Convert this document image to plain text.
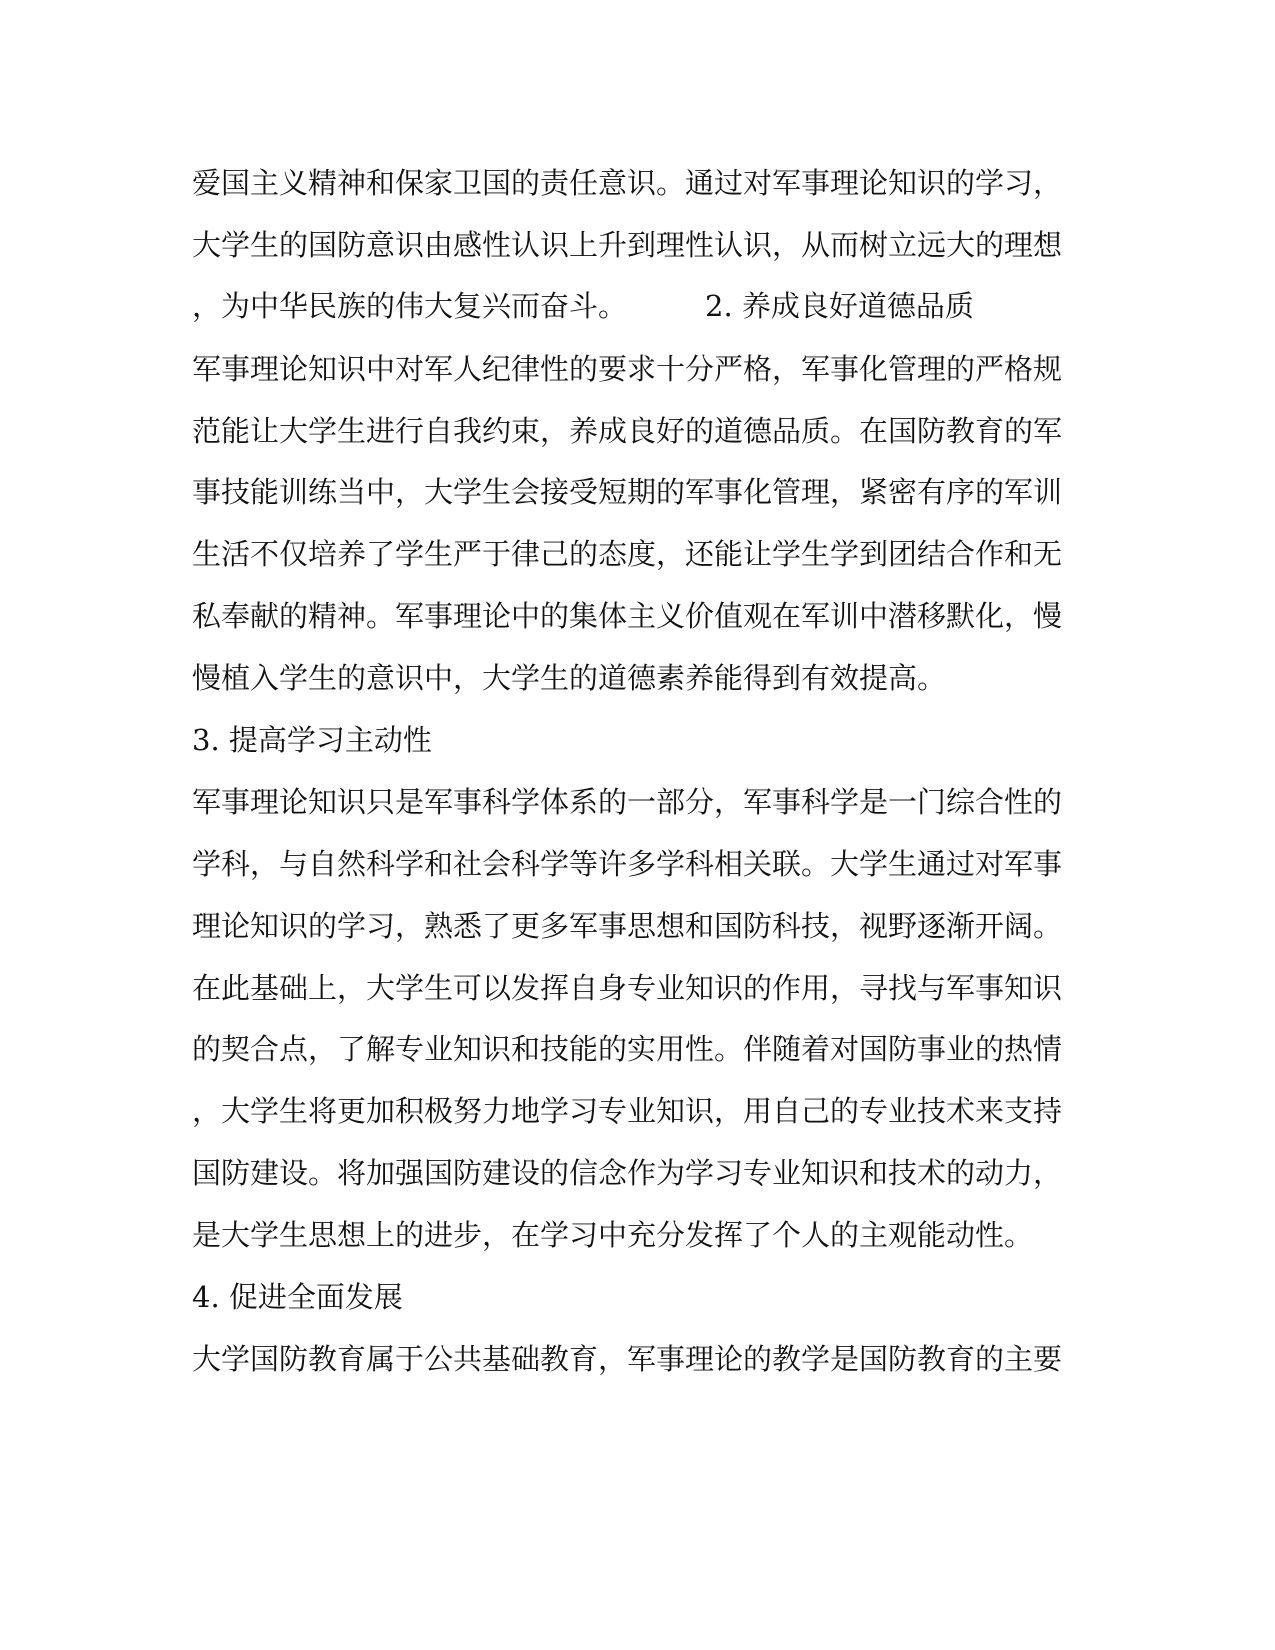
爱国主义精神和保家卫国的责任意识。通过对军事理论知识的学习，
大学生的国防意识由感性认识上升到理性认识，从而树立远大的理想
，为中华民族的伟大复兴而奋斗。	2. 养成良好道德品质
军事理论知识中对军人纪律性的要求十分严格，军事化管理的严格规
范能让大学生进行自我约束，养成良好的道德品质。在国防教育的军
事技能训练当中，大学生会接受短期的军事化管理，紧密有序的军训
生活不仅培养了学生严于律己的态度，还能让学生学到团结合作和无
私奉献的精神。军事理论中的集体主义价值观在军训中潜移默化，慢
慢植入学生的意识中，大学生的道德素养能得到有效提高。
3. 提高学习主动性
军事理论知识只是军事科学体系的一部分，军事科学是一门综合性的
学科，与自然科学和社会科学等许多学科相关联。大学生通过对军事
理论知识的学习，熟悉了更多军事思想和国防科技，视野逐渐开阔。
在此基础上，大学生可以发挥自身专业知识的作用，寻找与军事知识
的契合点，了解专业知识和技能的实用性。伴随着对国防事业的热情
，大学生将更加积极努力地学习专业知识，用自己的专业技术来支持
国防建设。将加强国防建设的信念作为学习专业知识和技术的动力，
是大学生思想上的进步，在学习中充分发挥了个人的主观能动性。
4. 促进全面发展
大学国防教育属于公共基础教育，军事理论的教学是国防教育的主要
